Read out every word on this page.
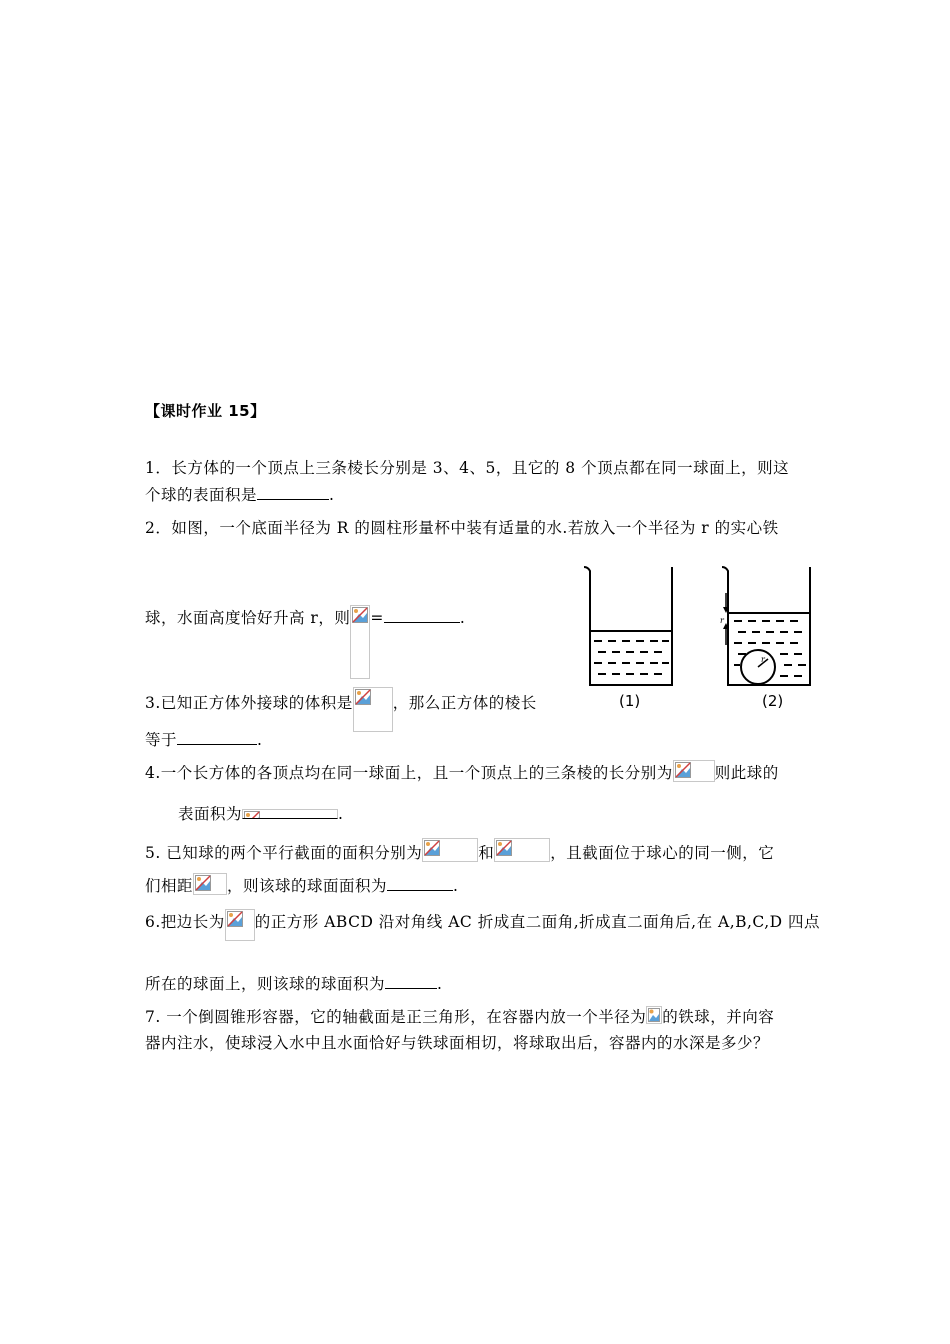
【课时作业 15】
1．长方体的一个顶点上三条棱长分别是 3、4、5，且它的 8 个顶点都在同一球面上，则这
个球的表面积是	.
2．如图，一个底面半径为 R 的圆柱形量杯中装有适量的水.若放入一个半径为 r 的实心铁
球，水面高度恰好升高 r，则 =	.
3.已知正方体外接球的体积是	，那么正方体的棱长
等于	.
4.一个长方体的各顶点均在同一球面上，且一个顶点上的三条棱的长分别为	则此球的
表面积为	.
5. 已知球的两个平行截面的面积分别为	和	，且截面位于球心的同一侧，它
们相距 ，则该球的球面面积为	.
6.把边长为 的正方形 ABCD 沿对角线 AC 折成直二面角,折成直二面角后,在 A,B,C,D 四点
所在的球面上，则该球的球面积为	.
7. 一个倒圆锥形容器，它的轴截面是正三角形，在容器内放一个半径为 的铁球，并向容
器内注水，使球浸入水中且水面恰好与铁球面相切，将球取出后，容器内的水深是多少？
r
r
(1)	(2)
